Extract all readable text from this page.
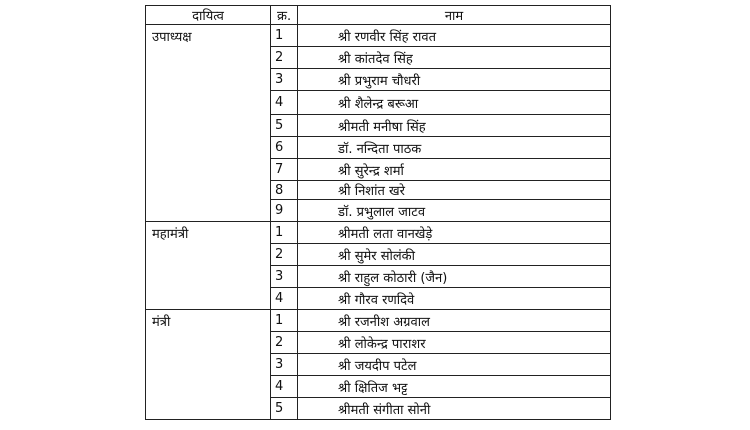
दायित्व	क्र.	नाम
उपाध्यक्ष	1	श्री रणवीर सिंह रावत
	2	श्री कांतदेव सिंह
	3	श्री प्रभुराम चौधरी
	4	श्री शैलेन्द्र बरूआ
	5	श्रीमती मनीषा सिंह
	6	डॉ. नन्दिता पाठक
	7	श्री सुरेन्द्र शर्मा
	8	श्री निशांत खरे
	9	डॉ. प्रभुलाल जाटव
महामंत्री	1	श्रीमती लता वानखेड़े
	2	श्री सुमेर सोलंकी
	3	श्री राहुल कोठारी (जैन)
	4	श्री गौरव रणदिवे
मंत्री	1	श्री रजनीश अग्रवाल
	2	श्री लोकेन्द्र पाराशर
	3	श्री जयदीप पटेल
	4	श्री क्षितिज भट्ट
	5	श्रीमती संगीता सोनी
